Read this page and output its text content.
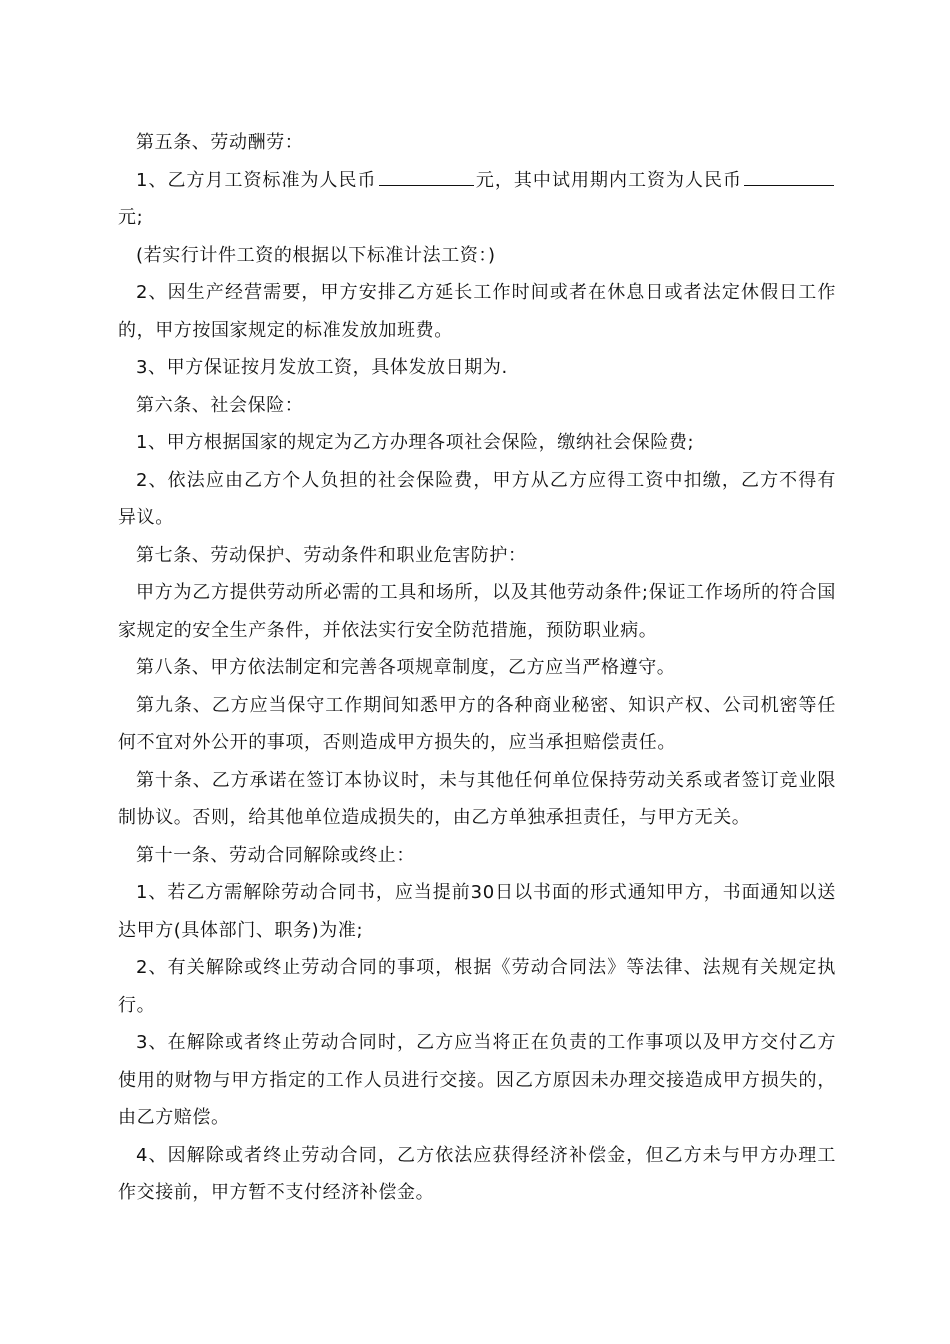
第五条、劳动酬劳：

1、乙方月工资标准为人民币	元，其中试用期内工资为人民币元;

(若实行计件工资的根据以下标准计法工资：)

2、因生产经营需要，甲方安排乙方延长工作时间或者在休息日或者法定休假日工作的，甲方按国家规定的标准发放加班费。

3、甲方保证按月发放工资，具体发放日期为.

第六条、社会保险：

1、甲方根据国家的规定为乙方办理各项社会保险，缴纳社会保险费;

2、依法应由乙方个人负担的社会保险费，甲方从乙方应得工资中扣缴，乙方不得有异议。

第七条、劳动保护、劳动条件和职业危害防护：

甲方为乙方提供劳动所必需的工具和场所，以及其他劳动条件;保证工作场所的符合国家规定的安全生产条件，并依法实行安全防范措施，预防职业病。

第八条、甲方依法制定和完善各项规章制度，乙方应当严格遵守。

第九条、乙方应当保守工作期间知悉甲方的各种商业秘密、知识产权、公司机密等任何不宜对外公开的事项，否则造成甲方损失的，应当承担赔偿责任。

第十条、乙方承诺在签订本协议时，未与其他任何单位保持劳动关系或者签订竞业限制协议。否则，给其他单位造成损失的，由乙方单独承担责任，与甲方无关。

第十一条、劳动合同解除或终止：

1、若乙方需解除劳动合同书，应当提前30日以书面的形式通知甲方，书面通知以送达甲方(具体部门、职务)为准;

2、有关解除或终止劳动合同的事项，根据《劳动合同法》等法律、法规有关规定执行。

3、在解除或者终止劳动合同时，乙方应当将正在负责的工作事项以及甲方交付乙方使用的财物与甲方指定的工作人员进行交接。因乙方原因未办理交接造成甲方损失的，由乙方赔偿。

4、因解除或者终止劳动合同，乙方依法应获得经济补偿金，但乙方未与甲方办理工作交接前，甲方暂不支付经济补偿金。
